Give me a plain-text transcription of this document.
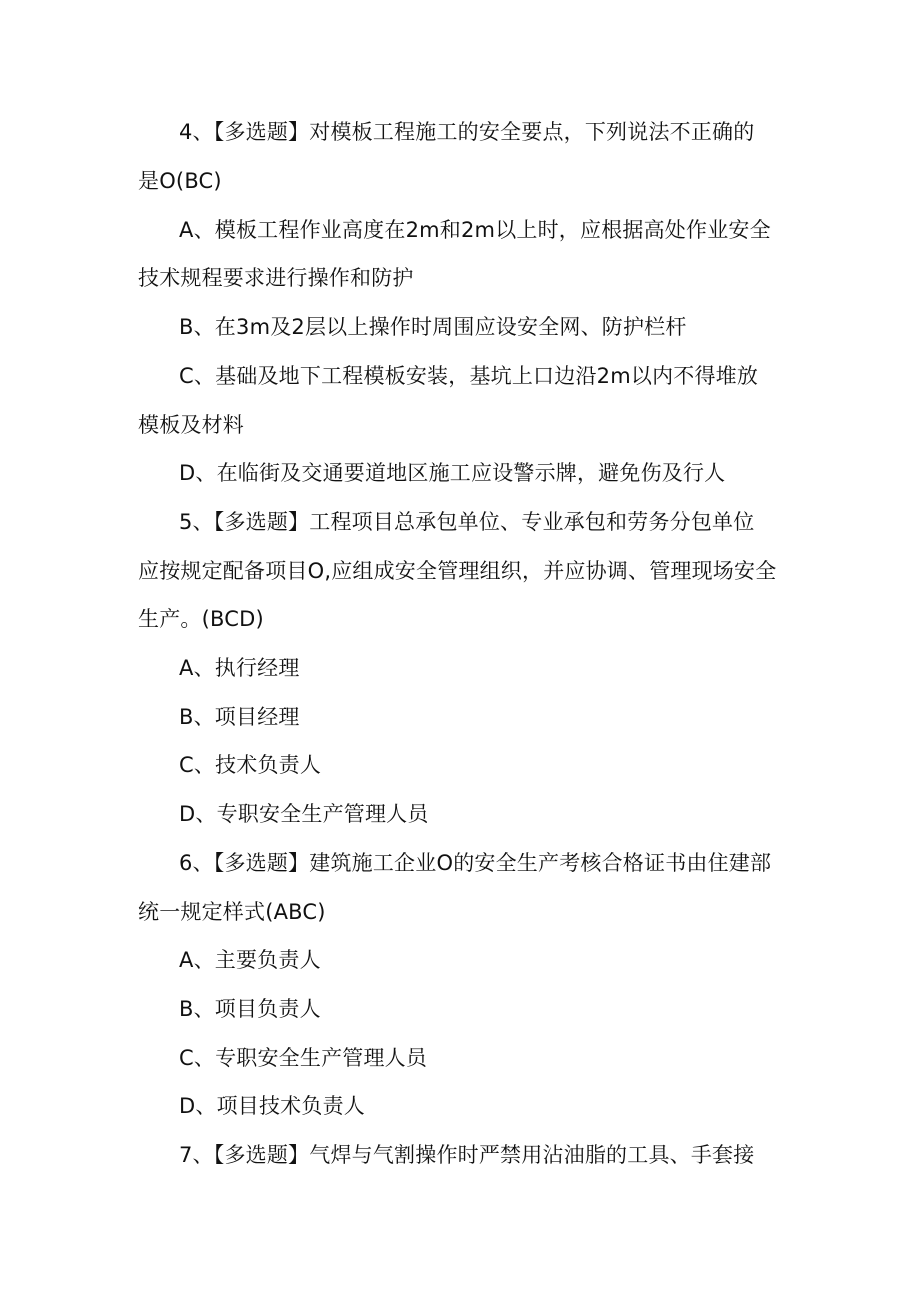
4、【多选题】对模板工程施工的安全要点，下列说法不正确的
是O(BC)
A、模板工程作业高度在2m和2m以上时，应根据高处作业安全
技术规程要求进行操作和防护
B、在3m及2层以上操作时周围应设安全网、防护栏杆
C、基础及地下工程模板安装，基坑上口边沿2m以内不得堆放
模板及材料
D、在临街及交通要道地区施工应设警示牌，避免伤及行人
5、【多选题】工程项目总承包单位、专业承包和劳务分包单位
应按规定配备项目O,应组成安全管理组织，并应协调、管理现场安全
生产。(BCD)
A、执行经理
B、项目经理
C、技术负责人
D、专职安全生产管理人员
6、【多选题】建筑施工企业O的安全生产考核合格证书由住建部
统一规定样式(ABC)
A、主要负责人
B、项目负责人
C、专职安全生产管理人员
D、项目技术负责人
7、【多选题】气焊与气割操作时严禁用沾油脂的工具、手套接
